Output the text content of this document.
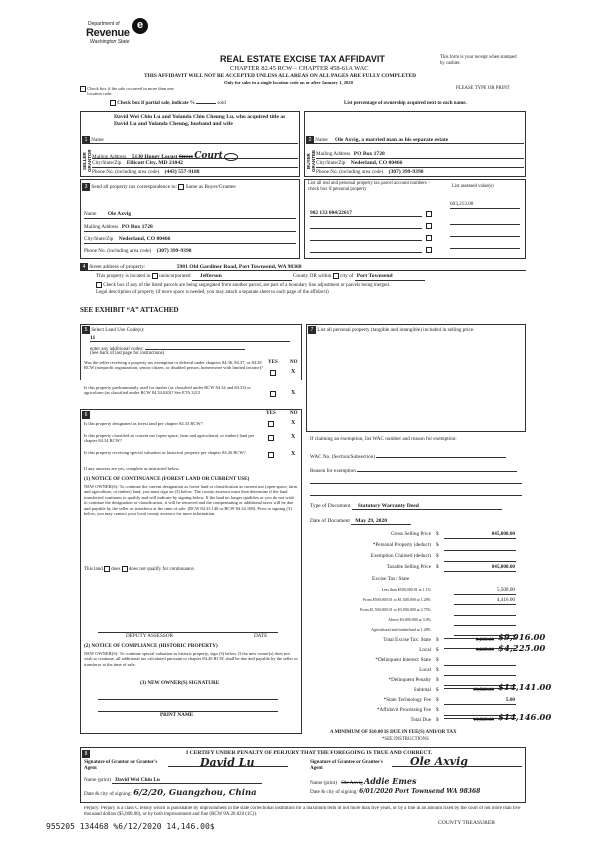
Department of
Revenue
Washington State
e
REAL ESTATE EXCISE TAX AFFIDAVIT
CHAPTER 82.45 RCW – CHAPTER 458-61A WAC
THIS AFFIDAVIT WILL NOT BE ACCEPTED UNLESS ALL AREAS ON ALL PAGES ARE FULLY COMPLETED
Only for sales in a single location code on or after January 1, 2020
This form is your receipt when stamped by cashier.
PLEASE TYPE OR PRINT
Check box if the sale occurred in more than one location code.
Check box if partial sale, indicate %	sold	List percentage of ownership acquired next to each name.
David Wei Chiu Lu and Yolanda Chiu Cheung Lu, who acquired title as David Lu and Yolanda Cheung, husband and wife
1 Name
SELLER GRANTOR Mailing Address 5130 Honey Locust Street Court
City/State/Zip Ellicott City, MD 21042
Phone No. (including area code) (443) 557-9188
2 Name Ole Axvig, a married man as his separate estate
BUYER GRANTEE Mailing Address PO Box 1728
City/State/Zip Nederland, CO 80466
Phone No. (including area code) (307) 399-9398
3 Send all property tax correspondence to: Same as Buyer/Grantee
Name Ole Axvig
Mailing Address PO Box 1728
City/State/Zip Nederland, CO 80466
Phone No. (including area code) (307) 399-9398
List all real and personal property tax parcel account numbers – check box if personal property
List assessed value(s)
902 133 004/22617
603,213.00
4 Street address of property:	5981 Old Gardiner Road, Port Townsend, WA 98368
This property is located in unincorporated Jefferson	County OR within city of Port Townsend
Check box if any of the listed parcels are being segregated from another parcel, are part of a boundary line adjustment or parcels being merged.
Legal description of property (if more space is needed, you may attach a separate sheet to each page of the affidavit)
SEE EXHIBIT “A” ATTACHED
5 Select Land Use Code(s):
11
enter any additional codes:
(See back of last page for instructions)
YES NO
Was the seller receiving a property tax exemption or deferral under chapters 84.36, 84.37, or 84.38 RCW (nonprofit organization, senior citizen, or disabled person, homeowner with limited income)?
X
Is this property predominantly used for timber (as classified under RCW 84.34 and 84.33) or agriculture (as classified under RCW 84.34.020)? See ETA 3215	X
7 List all personal property (tangible and intangible) included in selling price.
6	YES	NO
Is this property designated as forest land per chapter 84.33 RCW?	X
Is this property classified as current use (open space, farm and agricultural, or timber) land per chapter 84.34 RCW?
X
Is this property receiving special valuation as historical property per chapter 84.26 RCW?	X
If any answers are yes, complete as instructed below.
(1) NOTICE OF CONTINUANCE (FOREST LAND OR CURRENT USE)
NEW OWNER(S): To continue the current designation as forest land or classification as current use (open space, farm and agriculture, or timber) land, you must sign on (3) below. The county assessor must then determine if the land transferred continues to qualify and will indicate by signing below. If the land no longer qualifies or you do not wish to continue the designation or classification, it will be removed and the compensating or additional taxes will be due and payable by the seller or transferor at the time of sale. (RCW 84.33.140 or RCW 84.34.108). Prior to signing (3) below, you may contact your local county assessor for more information.
This land does does not qualify for continuance.
DEPUTY ASSESSOR	DATE
(2) NOTICE OF COMPLIANCE (HISTORIC PROPERTY)
NEW OWNER(S): To continue special valuation as historic property, sign (3) below. If the new owner(s) does not wish to continue, all additional tax calculated pursuant to chapter 84.26 RCW, shall be due and payable by the seller or transferor at the time of sale.
(3) NEW OWNER(S) SIGNATURE
PRINT NAME
If claiming an exemption, list WAC number and reason for exemption:
WAC No. (Section/Subsection)
Reason for exemption
Type of Document Statutory Warranty Deed
Date of Document May 29, 2020
Gross Selling Price $	845,000.00
*Personal Property (deduct) $
Exemption Claimed (deduct) $
Taxable Selling Price $	845,000.00
Excise Tax: State
Less than $500,000.01 at 1.1%	5,500.00
From $500,000.01 to $1,500,000 at 1.28%	4,416.00
From $1,500,000.01 to $3,000,000 at 2.75%
Above $3,000,000 at 3.0%
Agricultural and timberland at 1.28%
Total Excise Tax: State $	9,293.00 $9,916.00
Local $	4,225.00 $4,225.00
*Delinquent Interest: State $
Local $
*Delinquent Penalty $
Subtotal $	13,520.00 $14,141.00
*State Technology Fee $	5.00
*Affidavit Processing Fee $
Total Due $	13,525.00 $14,146.00
A MINIMUM OF $10.00 IS DUE IN FEE(S) AND/OR TAX
*SEE INSTRUCTIONS
8	I CERTIFY UNDER PENALTY OF PERJURY THAT THE FOREGOING IS TRUE AND CORRECT.
Signature of Grantor or Grantor's Agent	David Lu	Signature of Grantee or Grantee's Agent
Ole Axvig
Name (print) David Wei Chiu Lu	Name (print) Ole Axvig Addie Emes
Date & city of signing: 6/2/20, Guangzhou, China	Date & city of signing: 6/01/2020 Port Townsend WA 98368
Perjury: Perjury is a class C felony which is punishable by imprisonment in the state correctional institution for a maximum term of not more than five years, or by a fine in an amount fixed by the court of not more than five thousand dollars ($5,000.00), or by both imprisonment and fine (RCW 9A.20.020 (1C)).
955205 134468 %6/12/2020 14,146.00$	COUNTY TREASURER
